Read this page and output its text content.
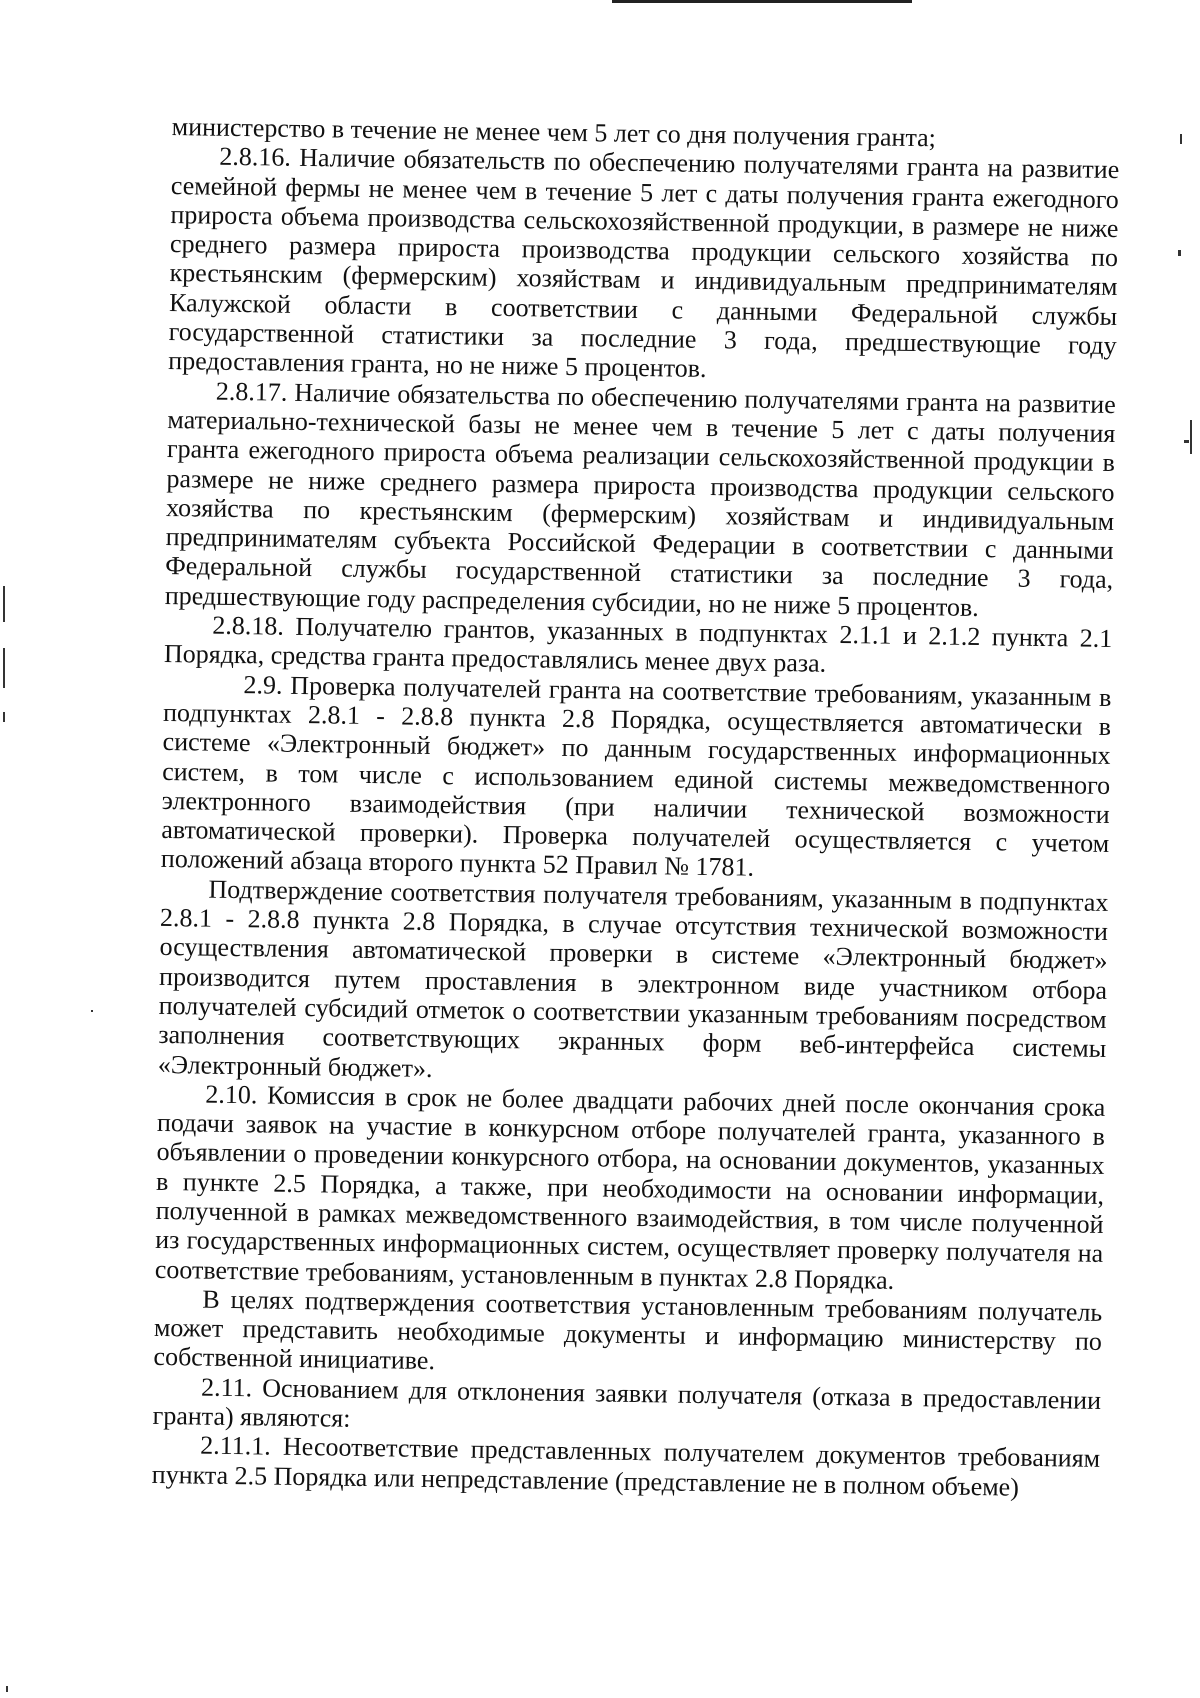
министерство в течение не менее чем 5 лет со дня получения гранта;

2.8.16. Наличие обязательств по обеспечению получателями гранта на развитие семейной фермы не менее чем в течение 5 лет с даты получения гранта ежегодного прироста объема производства сельскохозяйственной продукции, в размере не ниже среднего размера прироста производства продукции сельского хозяйства по крестьянским (фермерским) хозяйствам и индивидуальным предпринимателям Калужской области в соответствии с данными Федеральной службы государственной статистики за последние 3 года, предшествующие году предоставления гранта, но не ниже 5 процентов.

2.8.17. Наличие обязательства по обеспечению получателями гранта на развитие материально-технической базы не менее чем в течение 5 лет с даты получения гранта ежегодного прироста объема реализации сельскохозяйственной продукции в размере не ниже среднего размера прироста производства продукции сельского хозяйства по крестьянским (фермерским) хозяйствам и индивидуальным предпринимателям субъекта Российской Федерации в соответствии с данными Федеральной службы государственной статистики за последние 3 года, предшествующие году распределения субсидии, но не ниже 5 процентов.

2.8.18. Получателю грантов, указанных в подпунктах 2.1.1 и 2.1.2 пункта 2.1 Порядка, средства гранта предоставлялись менее двух раза.

2.9. Проверка получателей гранта на соответствие требованиям, указанным в подпунктах 2.8.1 - 2.8.8 пункта 2.8 Порядка, осуществляется автоматически в системе «Электронный бюджет» по данным государственных информационных систем, в том числе с использованием единой системы межведомственного электронного взаимодействия (при наличии технической возможности автоматической проверки). Проверка получателей осуществляется с учетом положений абзаца второго пункта 52 Правил № 1781.

Подтверждение соответствия получателя требованиям, указанным в подпунктах 2.8.1 - 2.8.8 пункта 2.8 Порядка, в случае отсутствия технической возможности осуществления автоматической проверки в системе «Электронный бюджет» производится путем проставления в электронном виде участником отбора получателей субсидий отметок о соответствии указанным требованиям посредством заполнения соответствующих экранных форм веб-интерфейса системы «Электронный бюджет».

2.10. Комиссия в срок не более двадцати рабочих дней после окончания срока подачи заявок на участие в конкурсном отборе получателей гранта, указанного в объявлении о проведении конкурсного отбора, на основании документов, указанных в пункте 2.5 Порядка, а также, при необходимости на основании информации, полученной в рамках межведомственного взаимодействия, в том числе полученной из государственных информационных систем, осуществляет проверку получателя на соответствие требованиям, установленным в пунктах 2.8 Порядка.

В целях подтверждения соответствия установленным требованиям получатель может представить необходимые документы и информацию министерству по собственной инициативе.

2.11. Основанием для отклонения заявки получателя (отказа в предоставлении гранта) являются:

2.11.1. Несоответствие представленных получателем документов требованиям пункта 2.5 Порядка или непредставление (представление не в полном объеме)
